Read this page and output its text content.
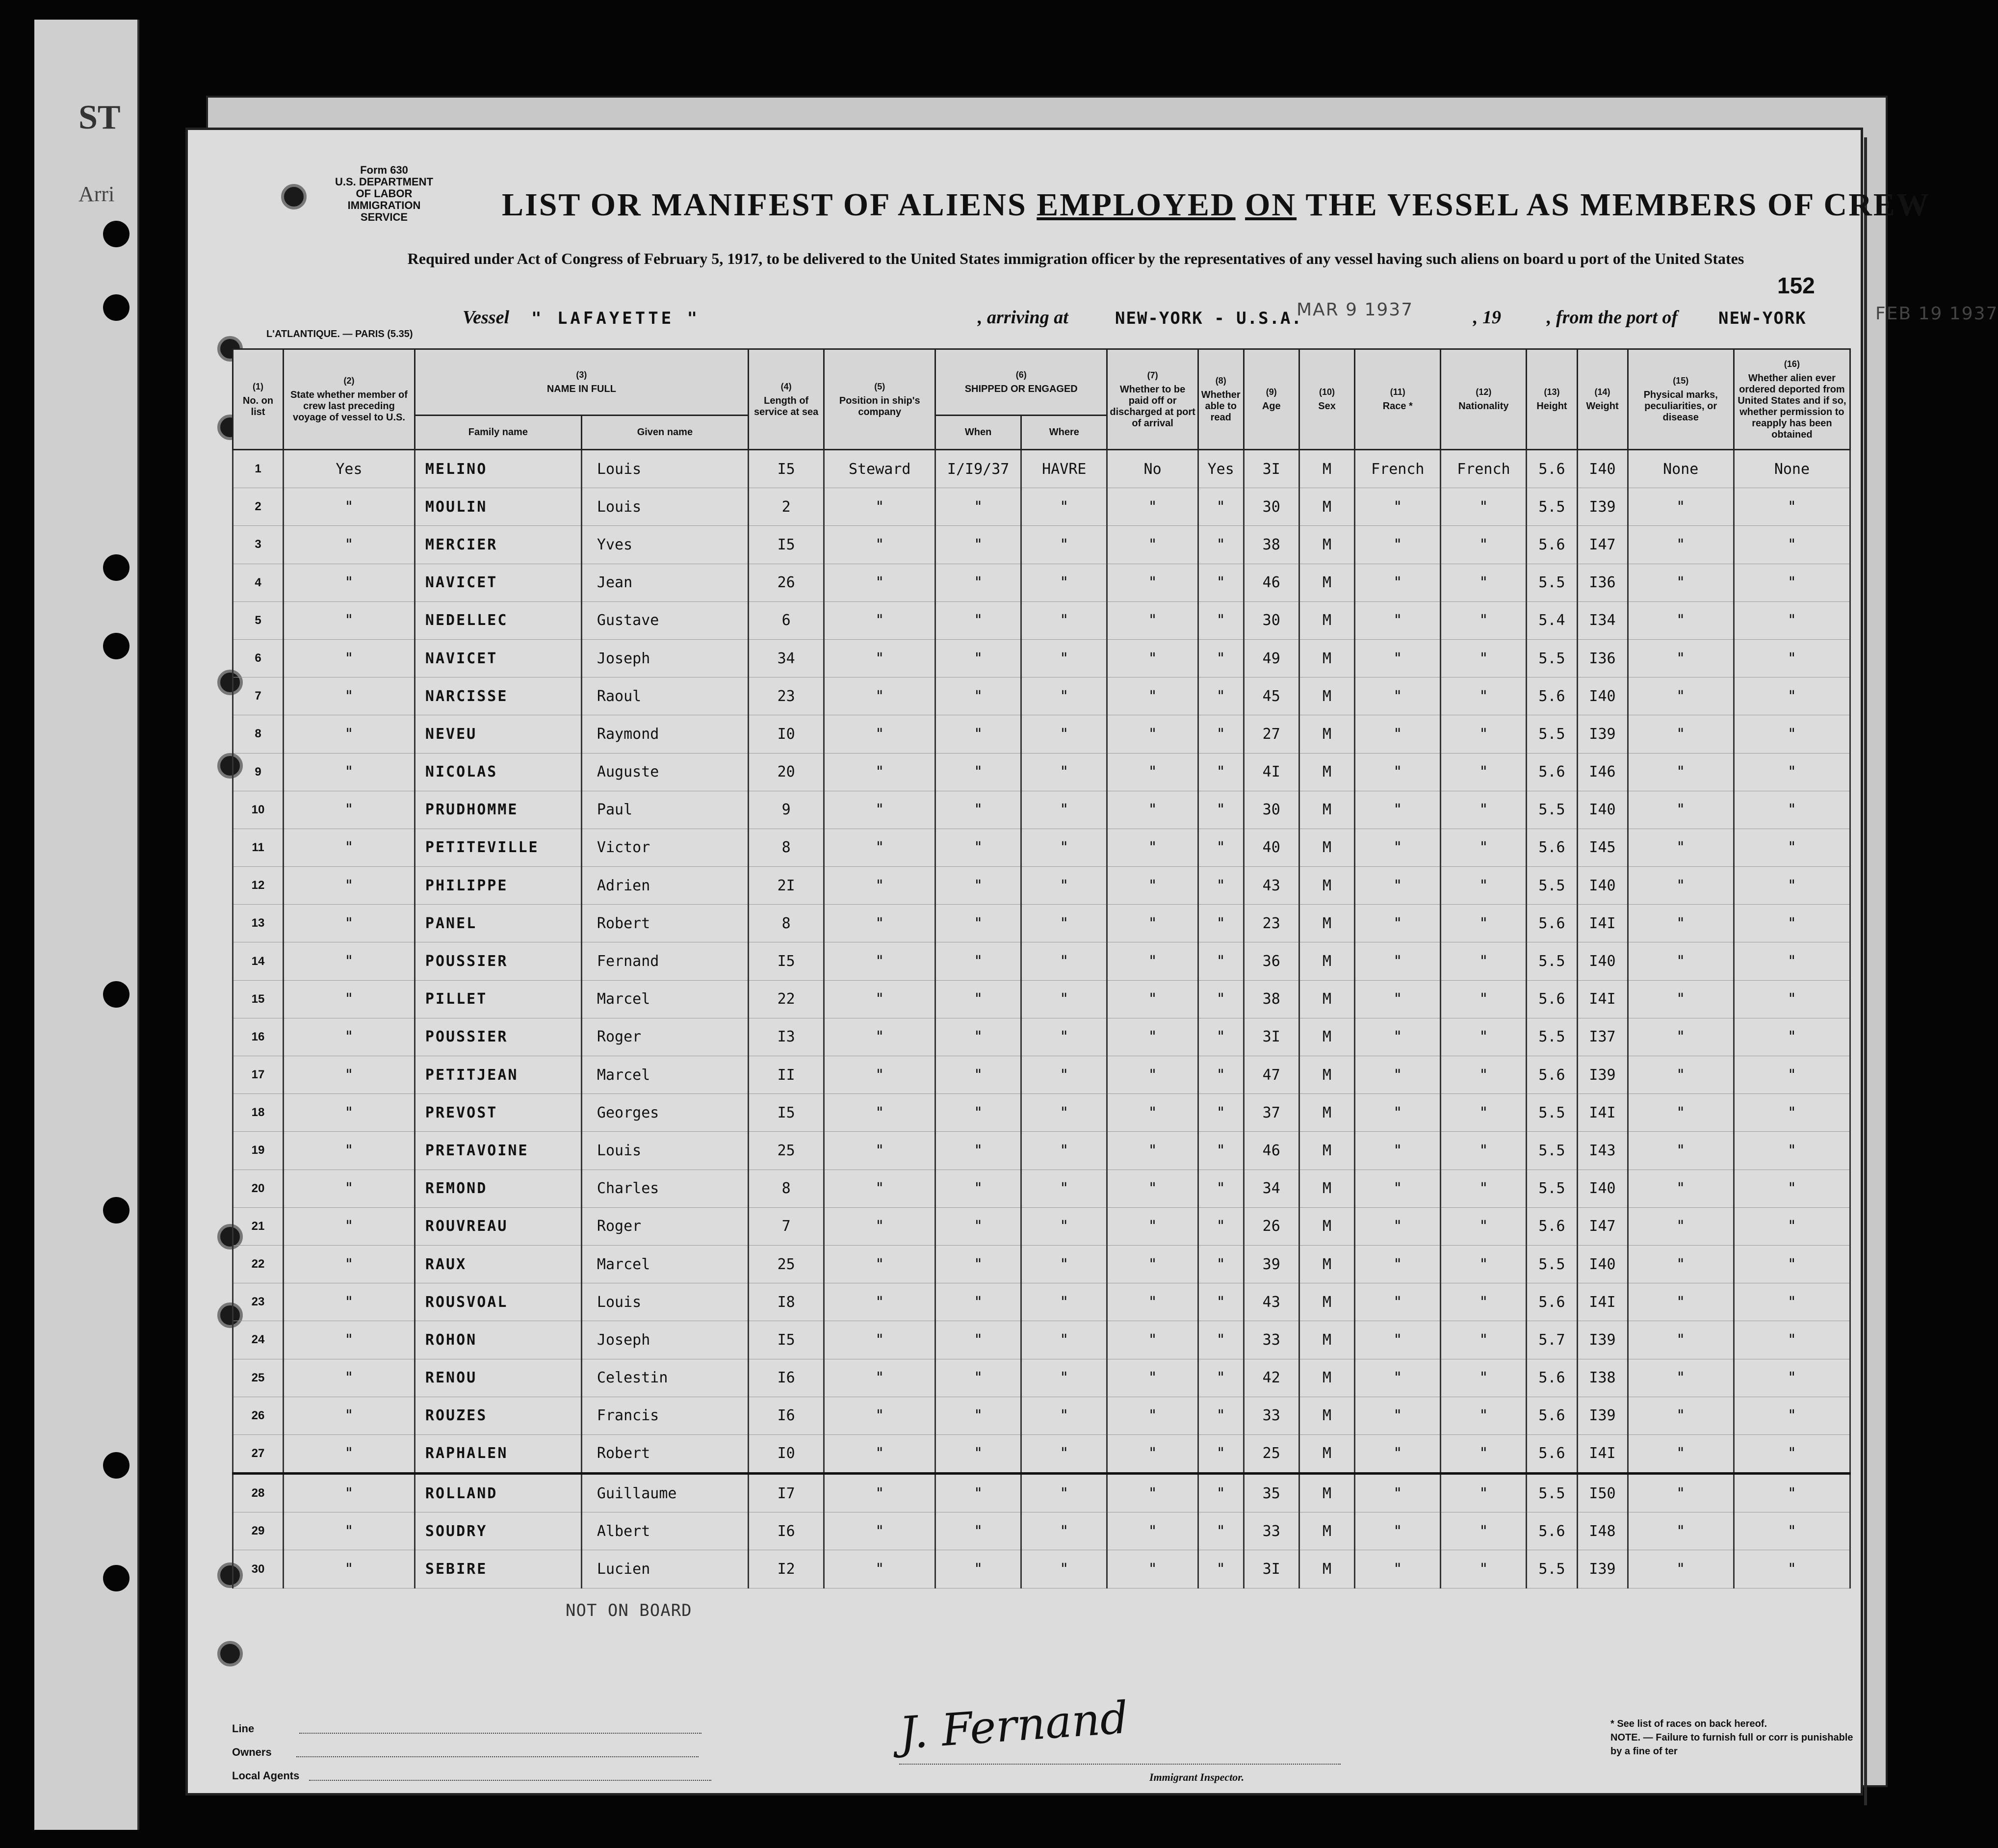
ST
Arri
Form 630
U.S. DEPARTMENT OF LABOR
IMMIGRATION SERVICE	LIST OR MANIFEST OF ALIENS EMPLOYED ON THE VESSEL AS MEMBERS OF CREW
Required under Act of Congress of February 5, 1917, to be delivered to the United States immigration officer by the representatives of any vessel having such aliens on board u port of the United States
152
Vessel " LAFAYETTE "	, arriving at	NEW-YORK - U.S.A.
MAR 9 1937	, 19 , from the port of NEW-YORK	FEB 19 1937
L'ATLANTIQUE. — PARIS (5.35)
(1)
No. on list	(2)
State whether member of crew last preceding voyage of vessel to U.S.	(3)
NAME IN FULL		(4)
Length of service at sea	(5)
Position in ship's company	(6)
SHIPPED OR ENGAGED		(7)
Whether to be paid off or discharged at port of arrival	(8)
Whether able to read	(9)
Age	(10)
Sex	(11)
Race *	(12)
Nationality	(13)
Height	(14)
Weight	(15)
Physical marks, peculiarities, or disease	(16)
Whether alien ever ordered deported from United States and if so, whether permission to reapply has been obtained
		Family name	Given name			When	Where									
1	Yes	MELINO	Louis	I5	Steward	I/I9/37	HAVRE	No	Yes	3I	M	French	French	5.6	I40	None	None
2	"	MOULIN	Louis	2	"	"	"	"	"	30	M	"	"	5.5	I39	"	"
3	"	MERCIER	Yves	I5	"	"	"	"	"	38	M	"	"	5.6	I47	"	"
4	"	NAVICET	Jean	26	"	"	"	"	"	46	M	"	"	5.5	I36	"	"
5	"	NEDELLEC	Gustave	6	"	"	"	"	"	30	M	"	"	5.4	I34	"	"
6	"	NAVICET	Joseph	34	"	"	"	"	"	49	M	"	"	5.5	I36	"	"
7	"	NARCISSE	Raoul	23	"	"	"	"	"	45	M	"	"	5.6	I40	"	"
8	"	NEVEU	Raymond	I0	"	"	"	"	"	27	M	"	"	5.5	I39	"	"
9	"	NICOLAS	Auguste	20	"	"	"	"	"	4I	M	"	"	5.6	I46	"	"
10	"	PRUDHOMME	Paul	9	"	"	"	"	"	30	M	"	"	5.5	I40	"	"
11	"	PETITEVILLE	Victor	8	"	"	"	"	"	40	M	"	"	5.6	I45	"	"
12	"	PHILIPPE	Adrien	2I	"	"	"	"	"	43	M	"	"	5.5	I40	"	"
13	"	PANEL	Robert	8	"	"	"	"	"	23	M	"	"	5.6	I4I	"	"
14	"	POUSSIER	Fernand	I5	"	"	"	"	"	36	M	"	"	5.5	I40	"	"
15	"	PILLET	Marcel	22	"	"	"	"	"	38	M	"	"	5.6	I4I	"	"
16	"	POUSSIER	Roger	I3	"	"	"	"	"	3I	M	"	"	5.5	I37	"	"
17	"	PETITJEAN	Marcel	II	"	"	"	"	"	47	M	"	"	5.6	I39	"	"
18	"	PREVOST	Georges	I5	"	"	"	"	"	37	M	"	"	5.5	I4I	"	"
19	"	PRETAVOINE	Louis	25	"	"	"	"	"	46	M	"	"	5.5	I43	"	"
20	"	REMOND	Charles	8	"	"	"	"	"	34	M	"	"	5.5	I40	"	"
21	"	ROUVREAU	Roger	7	"	"	"	"	"	26	M	"	"	5.6	I47	"	"
22	"	RAUX	Marcel	25	"	"	"	"	"	39	M	"	"	5.5	I40	"	"
23	"	ROUSVOAL	Louis	I8	"	"	"	"	"	43	M	"	"	5.6	I4I	"	"
24	"	ROHON	Joseph	I5	"	"	"	"	"	33	M	"	"	5.7	I39	"	"
25	"	RENOU	Celestin	I6	"	"	"	"	"	42	M	"	"	5.6	I38	"	"
26	"	ROUZES	Francis	I6	"	"	"	"	"	33	M	"	"	5.6	I39	"	"
27	"	RAPHALEN	Robert	I0	"	"	"	"	"	25	M	"	"	5.6	I4I	"	"
28	"	ROLLAND	Guillaume	I7	"	"	"	"	"	35	M	"	"	5.5	I50	"	"
29	"	SOUDRY	Albert	I6	"	"	"	"	"	33	M	"	"	5.6	I48	"	"
30	"	SEBIRE	Lucien	I2	"	"	"	"	"	3I	M	"	"	5.5	I39	"	"
NOT ON BOARD
Line
Owners
Local Agents
J. Fernand
Immigrant Inspector.
* See list of races on back hereof.
NOTE. — Failure to furnish full or corr is punishable by a fine of ter
